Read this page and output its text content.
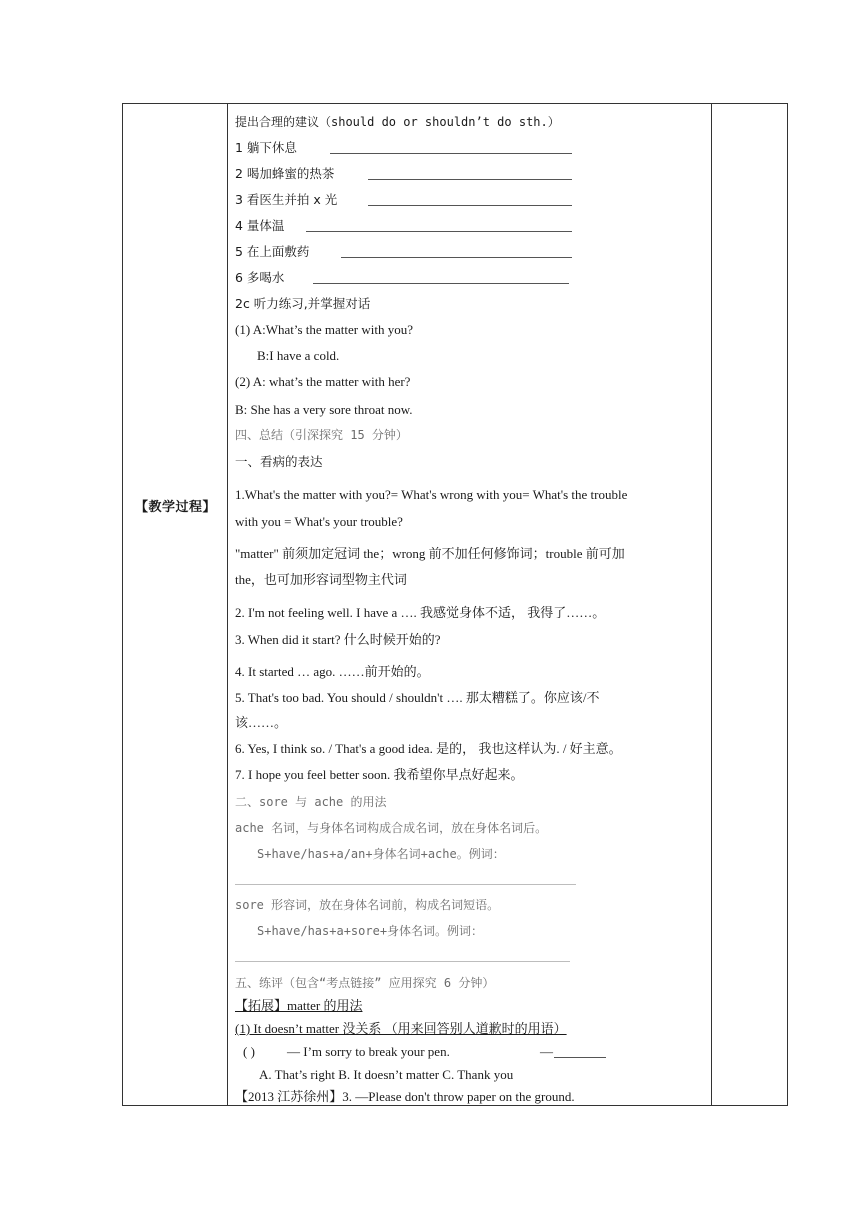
【教学过程】
提出合理的建议（should do or shouldn’t do sth.）
1 躺下休息
2 喝加蜂蜜的热茶
3 看医生并拍 x 光
4 量体温
5 在上面敷药
6 多喝水
2c 听力练习,并掌握对话
(1) A:What’s the matter with you?
B:I have a cold.
(2) A: what’s the matter with her?
B: She has a very sore throat now.
四、总结（引深探究 15 分钟）
一、看病的表达
1.What's the matter with you?= What's wrong with you= What's the trouble
with you = What's your trouble?
"matter" 前须加定冠词 the；wrong 前不加任何修饰词；trouble 前可加
the，也可加形容词型物主代词
2. I'm not feeling well. I have a …. 我感觉身体不适， 我得了……。
3. When did it start? 什么时候开始的?
4. It started … ago. ……前开始的。
5. That's too bad. You should / shouldn't …. 那太糟糕了。你应该/不
该……。
6. Yes, I think so. / That's a good idea. 是的， 我也这样认为. / 好主意。
7. I hope you feel better soon. 我希望你早点好起来。
二、sore 与 ache 的用法
ache 名词，与身体名词构成合成名词，放在身体名词后。
S+have/has+a/an+身体名词+ache。例词：
sore 形容词，放在身体名词前，构成名词短语。
S+have/has+a+sore+身体名词。例词：
五、练评（包含“考点链接” 应用探究 6 分钟）
【拓展】matter 的用法
(1) It doesn’t matter 没关系 （用来回答别人道歉时的用语）
( ) — I’m sorry to break your pen.	—
A. That’s right B. It doesn’t matter C. Thank you
【2013 江苏徐州】3. —Please don't throw paper on the ground.
